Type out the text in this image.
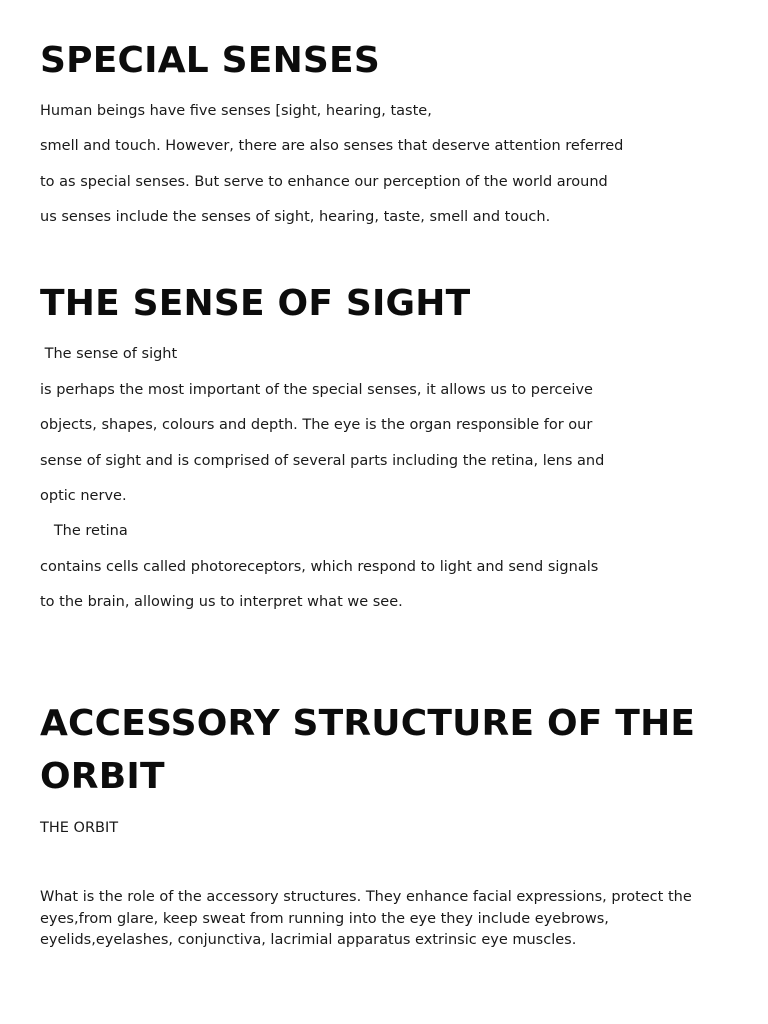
SPECIAL SENSES

Human beings have five senses [sight, hearing, taste,

smell and touch. However, there are also senses that deserve attention referred

to as special senses. But serve to enhance our perception of the world around

us senses include the senses of sight, hearing, taste, smell and touch.

THE SENSE OF SIGHT

The sense of sight

is perhaps the most important of the special senses, it allows us to perceive

objects, shapes, colours and depth. The eye is the organ responsible for our

sense of sight and is comprised of several parts including the retina, lens and

optic nerve.

The retina

contains cells called photoreceptors, which respond to light and send signals

to the brain, allowing us to interpret what we see.

ACCESSORY STRUCTURE OF THE
ORBIT

THE ORBIT

What is the role of the accessory structures. They enhance facial expressions, protect the eyes,from glare, keep sweat from running into the eye they include eyebrows, eyelids,eyelashes, conjunctiva, lacrimial apparatus extrinsic eye muscles.
